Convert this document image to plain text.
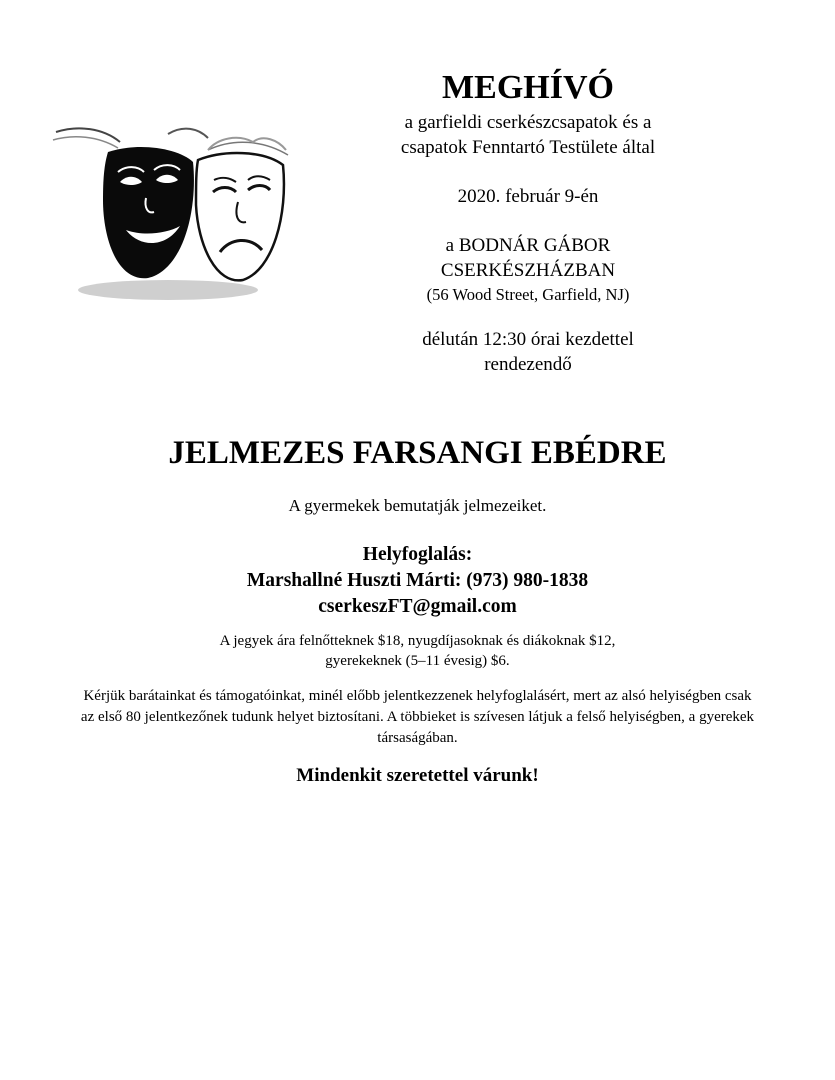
MEGHÍVÓ

a garfieldi cserkészcsapatok és a

csapatok Fenntartó Testülete által

2020. február 9-én

a BODNÁR GÁBOR

CSERKÉSZHÁZBAN

(56 Wood Street, Garfield, NJ)

délután 12:30 órai kezdettel

rendezendő

JELMEZES FARSANGI EBÉDRE

A gyermekek bemutatják jelmezeiket.

Helyfoglalás:

Marshallné Huszti Márti: (973) 980-1838

cserkeszFT@gmail.com

A jegyek ára felnőtteknek $18, nyugdíjasoknak és diákoknak $12,

gyerekeknek (5–11 évesig) $6.

Kérjük barátainkat és támogatóinkat, minél előbb jelentkezzenek helyfoglalásért, mert az alsó helyiségben csak

az első 80 jelentkezőnek tudunk helyet biztosítani. A többieket is szívesen látjuk a felső helyiségben, a gyerekek

társaságában.

Mindenkit szeretettel várunk!
